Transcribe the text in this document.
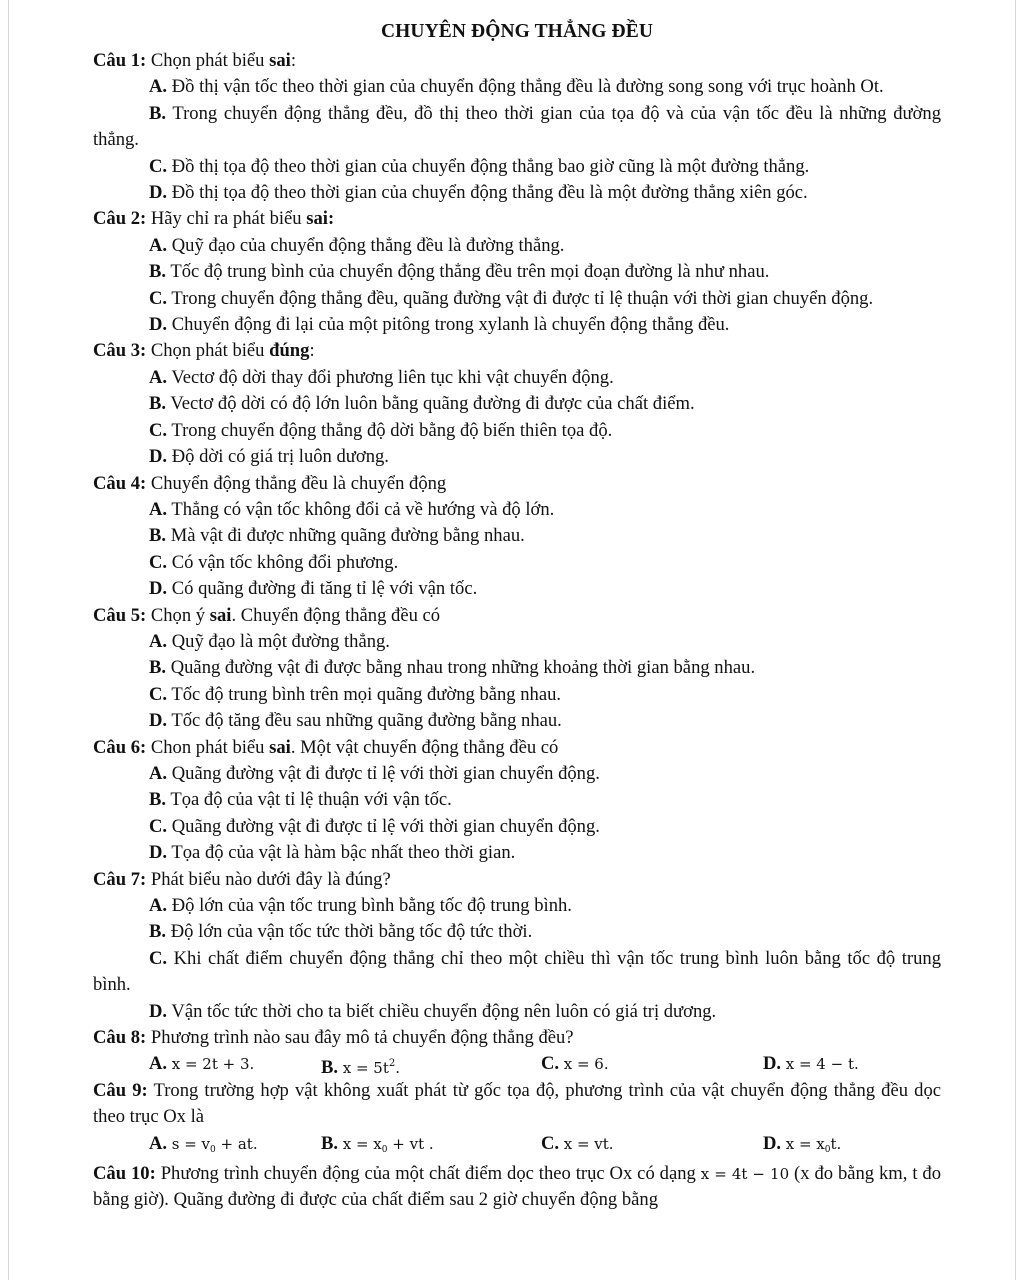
CHUYÊN ĐỘNG THẲNG ĐỀU

Câu 1: Chọn phát biểu sai:

A. Đồ thị vận tốc theo thời gian của chuyển động thẳng đều là đường song song với trục hoành Ot.

B. Trong chuyển động thẳng đều, đồ thị theo thời gian của tọa độ và của vận tốc đều là những đường thẳng.

C. Đồ thị tọa độ theo thời gian của chuyển động thẳng bao giờ cũng là một đường thẳng.

D. Đồ thị tọa độ theo thời gian của chuyển động thẳng đều là một đường thẳng xiên góc.

Câu 2: Hãy chỉ ra phát biểu sai:

A. Quỹ đạo của chuyển động thẳng đều là đường thẳng.

B. Tốc độ trung bình của chuyển động thẳng đều trên mọi đoạn đường là như nhau.

C. Trong chuyển động thẳng đều, quãng đường vật đi được tỉ lệ thuận với thời gian chuyển động.

D. Chuyển động đi lại của một pitông trong xylanh là chuyển động thẳng đều.

Câu 3: Chọn phát biểu đúng:

A. Vectơ độ dời thay đổi phương liên tục khi vật chuyển động.

B. Vectơ độ dời có độ lớn luôn bằng quãng đường đi được của chất điểm.

C. Trong chuyển động thẳng độ dời bằng độ biến thiên tọa độ.

D. Độ dời có giá trị luôn dương.

Câu 4: Chuyển động thẳng đều là chuyển động

A. Thẳng có vận tốc không đổi cả về hướng và độ lớn.

B. Mà vật đi được những quãng đường bằng nhau.

C. Có vận tốc không đổi phương.

D. Có quãng đường đi tăng tỉ lệ với vận tốc.

Câu 5: Chọn ý sai. Chuyển động thẳng đều có

A. Quỹ đạo là một đường thẳng.

B. Quãng đường vật đi được bằng nhau trong những khoảng thời gian bằng nhau.

C. Tốc độ trung bình trên mọi quãng đường bằng nhau.

D. Tốc độ tăng đều sau những quãng đường bằng nhau.

Câu 6: Chon phát biểu sai. Một vật chuyển động thẳng đều có

A. Quãng đường vật đi được tỉ lệ với thời gian chuyển động.

B. Tọa độ của vật tỉ lệ thuận với vận tốc.

C. Quãng đường vật đi được tỉ lệ với thời gian chuyển động.

D. Tọa độ của vật là hàm bậc nhất theo thời gian.

Câu 7: Phát biểu nào dưới đây là đúng?

A. Độ lớn của vận tốc trung bình bằng tốc độ trung bình.

B. Độ lớn của vận tốc tức thời bằng tốc độ tức thời.

C. Khi chất điểm chuyển động thẳng chỉ theo một chiều thì vận tốc trung bình luôn bằng tốc độ trung bình.

D. Vận tốc tức thời cho ta biết chiều chuyển động nên luôn có giá trị dương.

Câu 8: Phương trình nào sau đây mô tả chuyển động thẳng đều?

A. x = 2t + 3.	B. $x = 5t^2$.	C. x = 6.	D. x = 4 − t.

Câu 9: Trong trường hợp vật không xuất phát từ gốc tọa độ, phương trình của vật chuyển động thẳng đều dọc theo trục Ox là

A. $s = v_0$ + at.	B. $x = x_0$ + vt .	C. x = vt.	D. $x = x_0t$.

Câu 10: Phương trình chuyển động của một chất điểm dọc theo trục Ox có dạng x = 4t − 10 (x đo bằng km, t đo bằng giờ). Quãng đường đi được của chất điểm sau 2 giờ chuyển động bằng
